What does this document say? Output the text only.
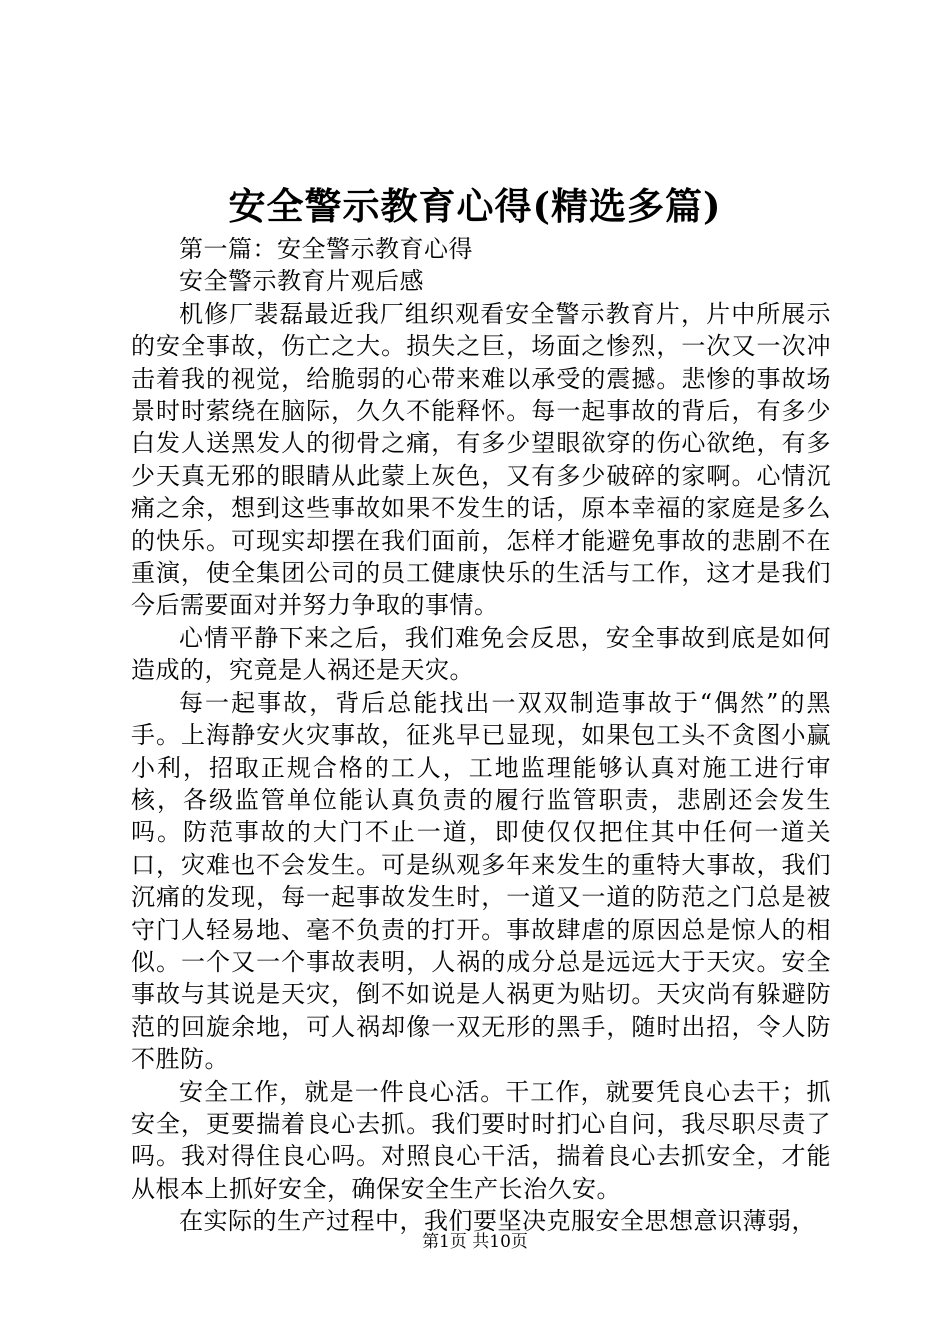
安全警示教育心得(精选多篇)

第一篇：安全警示教育心得

安全警示教育片观后感

机修厂裴磊最近我厂组织观看安全警示教育片，片中所展示的安全事故，伤亡之大。损失之巨，场面之惨烈，一次又一次冲击着我的视觉，给脆弱的心带来难以承受的震撼。悲惨的事故场景时时萦绕在脑际，久久不能释怀。每一起事故的背后，有多少白发人送黑发人的彻骨之痛，有多少望眼欲穿的伤心欲绝，有多少天真无邪的眼睛从此蒙上灰色，又有多少破碎的家啊。心情沉痛之余，想到这些事故如果不发生的话，原本幸福的家庭是多么的快乐。可现实却摆在我们面前，怎样才能避免事故的悲剧不在重演，使全集团公司的员工健康快乐的生活与工作，这才是我们今后需要面对并努力争取的事情。

心情平静下来之后，我们难免会反思，安全事故到底是如何造成的，究竟是人祸还是天灾。

每一起事故，背后总能找出一双双制造事故于“偶然”的黑手。上海静安火灾事故，征兆早已显现，如果包工头不贪图小赢小利，招取正规合格的工人，工地监理能够认真对施工进行审核，各级监管单位能认真负责的履行监管职责，悲剧还会发生吗。防范事故的大门不止一道，即使仅仅把住其中任何一道关口，灾难也不会发生。可是纵观多年来发生的重特大事故，我们沉痛的发现，每一起事故发生时，一道又一道的防范之门总是被守门人轻易地、毫不负责的打开。事故肆虐的原因总是惊人的相似。一个又一个事故表明，人祸的成分总是远远大于天灾。安全事故与其说是天灾，倒不如说是人祸更为贴切。天灾尚有躲避防范的回旋余地，可人祸却像一双无形的黑手，随时出招，令人防不胜防。

安全工作，就是一件良心活。干工作，就要凭良心去干；抓安全，更要揣着良心去抓。我们要时时扪心自问，我尽职尽责了吗。我对得住良心吗。对照良心干活，揣着良心去抓安全，才能从根本上抓好安全，确保安全生产长治久安。

在实际的生产过程中，我们要坚决克服安全思想意识薄弱，

第1页 共10页
